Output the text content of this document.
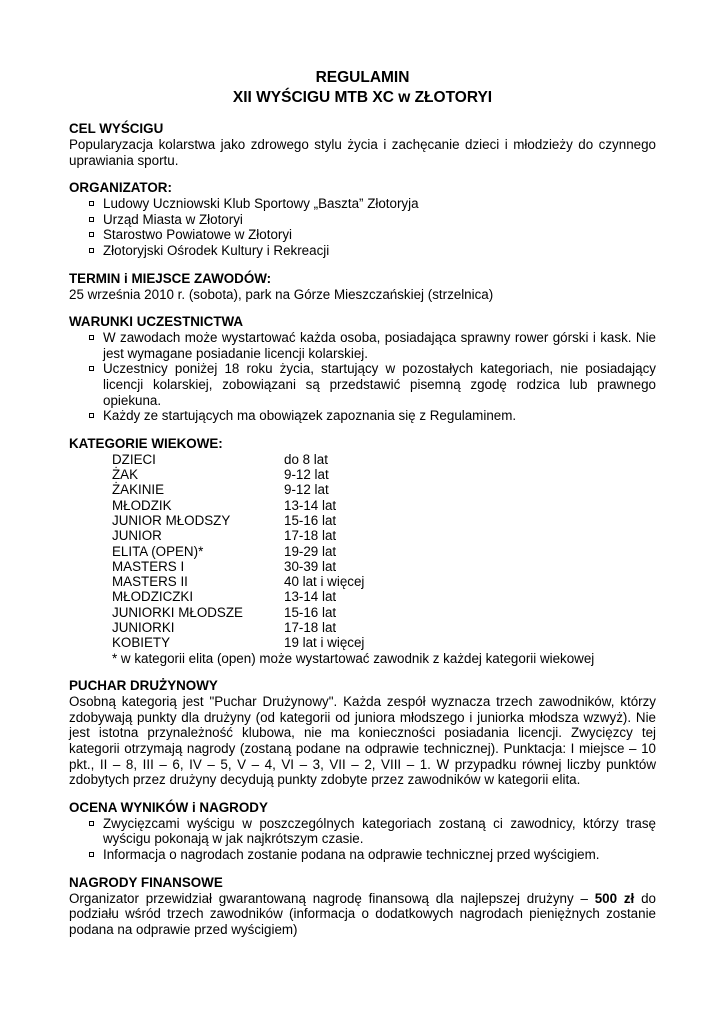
REGULAMIN
XII WYŚCIGU MTB XC w ZŁOTORYI
CEL WYŚCIGU
Popularyzacja kolarstwa jako zdrowego stylu życia i zachęcanie dzieci i młodzieży do czynnego uprawiania sportu.
ORGANIZATOR:
Ludowy Uczniowski Klub Sportowy „Baszta” Złotoryja
Urząd Miasta w Złotoryi
Starostwo Powiatowe w Złotoryi
Złotoryjski Ośrodek Kultury i Rekreacji
TERMIN i MIEJSCE ZAWODÓW:
25 września 2010 r. (sobota), park na Górze Mieszczańskiej (strzelnica)
WARUNKI UCZESTNICTWA
W zawodach może wystartować każda osoba, posiadająca sprawny rower górski i kask. Nie jest wymagane posiadanie licencji kolarskiej.
Uczestnicy poniżej 18 roku życia, startujący w pozostałych kategoriach, nie posiadający licencji kolarskiej, zobowiązani są przedstawić pisemną zgodę rodzica lub prawnego opiekuna.
Każdy ze startujących ma obowiązek zapoznania się z Regulaminem.
KATEGORIE WIEKOWE:
DZIECI	do 8 lat
ŻAK	9-12 lat
ŻAKINIE	9-12 lat
MŁODZIK	13-14 lat
JUNIOR MŁODSZY	15-16 lat
JUNIOR	17-18 lat
ELITA (OPEN)*	19-29 lat
MASTERS I	30-39 lat
MASTERS II	40 lat i więcej
MŁODZICZKI	13-14 lat
JUNIORKI MŁODSZE	15-16 lat
JUNIORKI	17-18 lat
KOBIETY	19 lat i więcej
* w kategorii elita (open) może wystartować zawodnik z każdej kategorii wiekowej
PUCHAR DRUŻYNOWY
Osobną kategorią jest "Puchar Drużynowy". Każda zespół wyznacza trzech zawodników, którzy zdobywają punkty dla drużyny (od kategorii od juniora młodszego i juniorka młodsza wzwyż). Nie jest istotna przynależność klubowa, nie ma konieczności posiadania licencji. Zwycięzcy tej kategorii otrzymają nagrody (zostaną podane na odprawie technicznej). Punktacja: I miejsce – 10 pkt., II – 8, III – 6, IV – 5, V – 4, VI – 3, VII – 2, VIII – 1. W przypadku równej liczby punktów zdobytych przez drużyny decydują punkty zdobyte przez zawodników w kategorii elita.
OCENA WYNIKÓW i NAGRODY
Zwycięzcami wyścigu w poszczególnych kategoriach zostaną ci zawodnicy, którzy trasę wyścigu pokonają w jak najkrótszym czasie.
Informacja o nagrodach zostanie podana na odprawie technicznej przed wyścigiem.
NAGRODY FINANSOWE
Organizator przewidział gwarantowaną nagrodę finansową dla najlepszej drużyny – 500 zł do podziału wśród trzech zawodników (informacja o dodatkowych nagrodach pieniężnych zostanie podana na odprawie przed wyścigiem)
